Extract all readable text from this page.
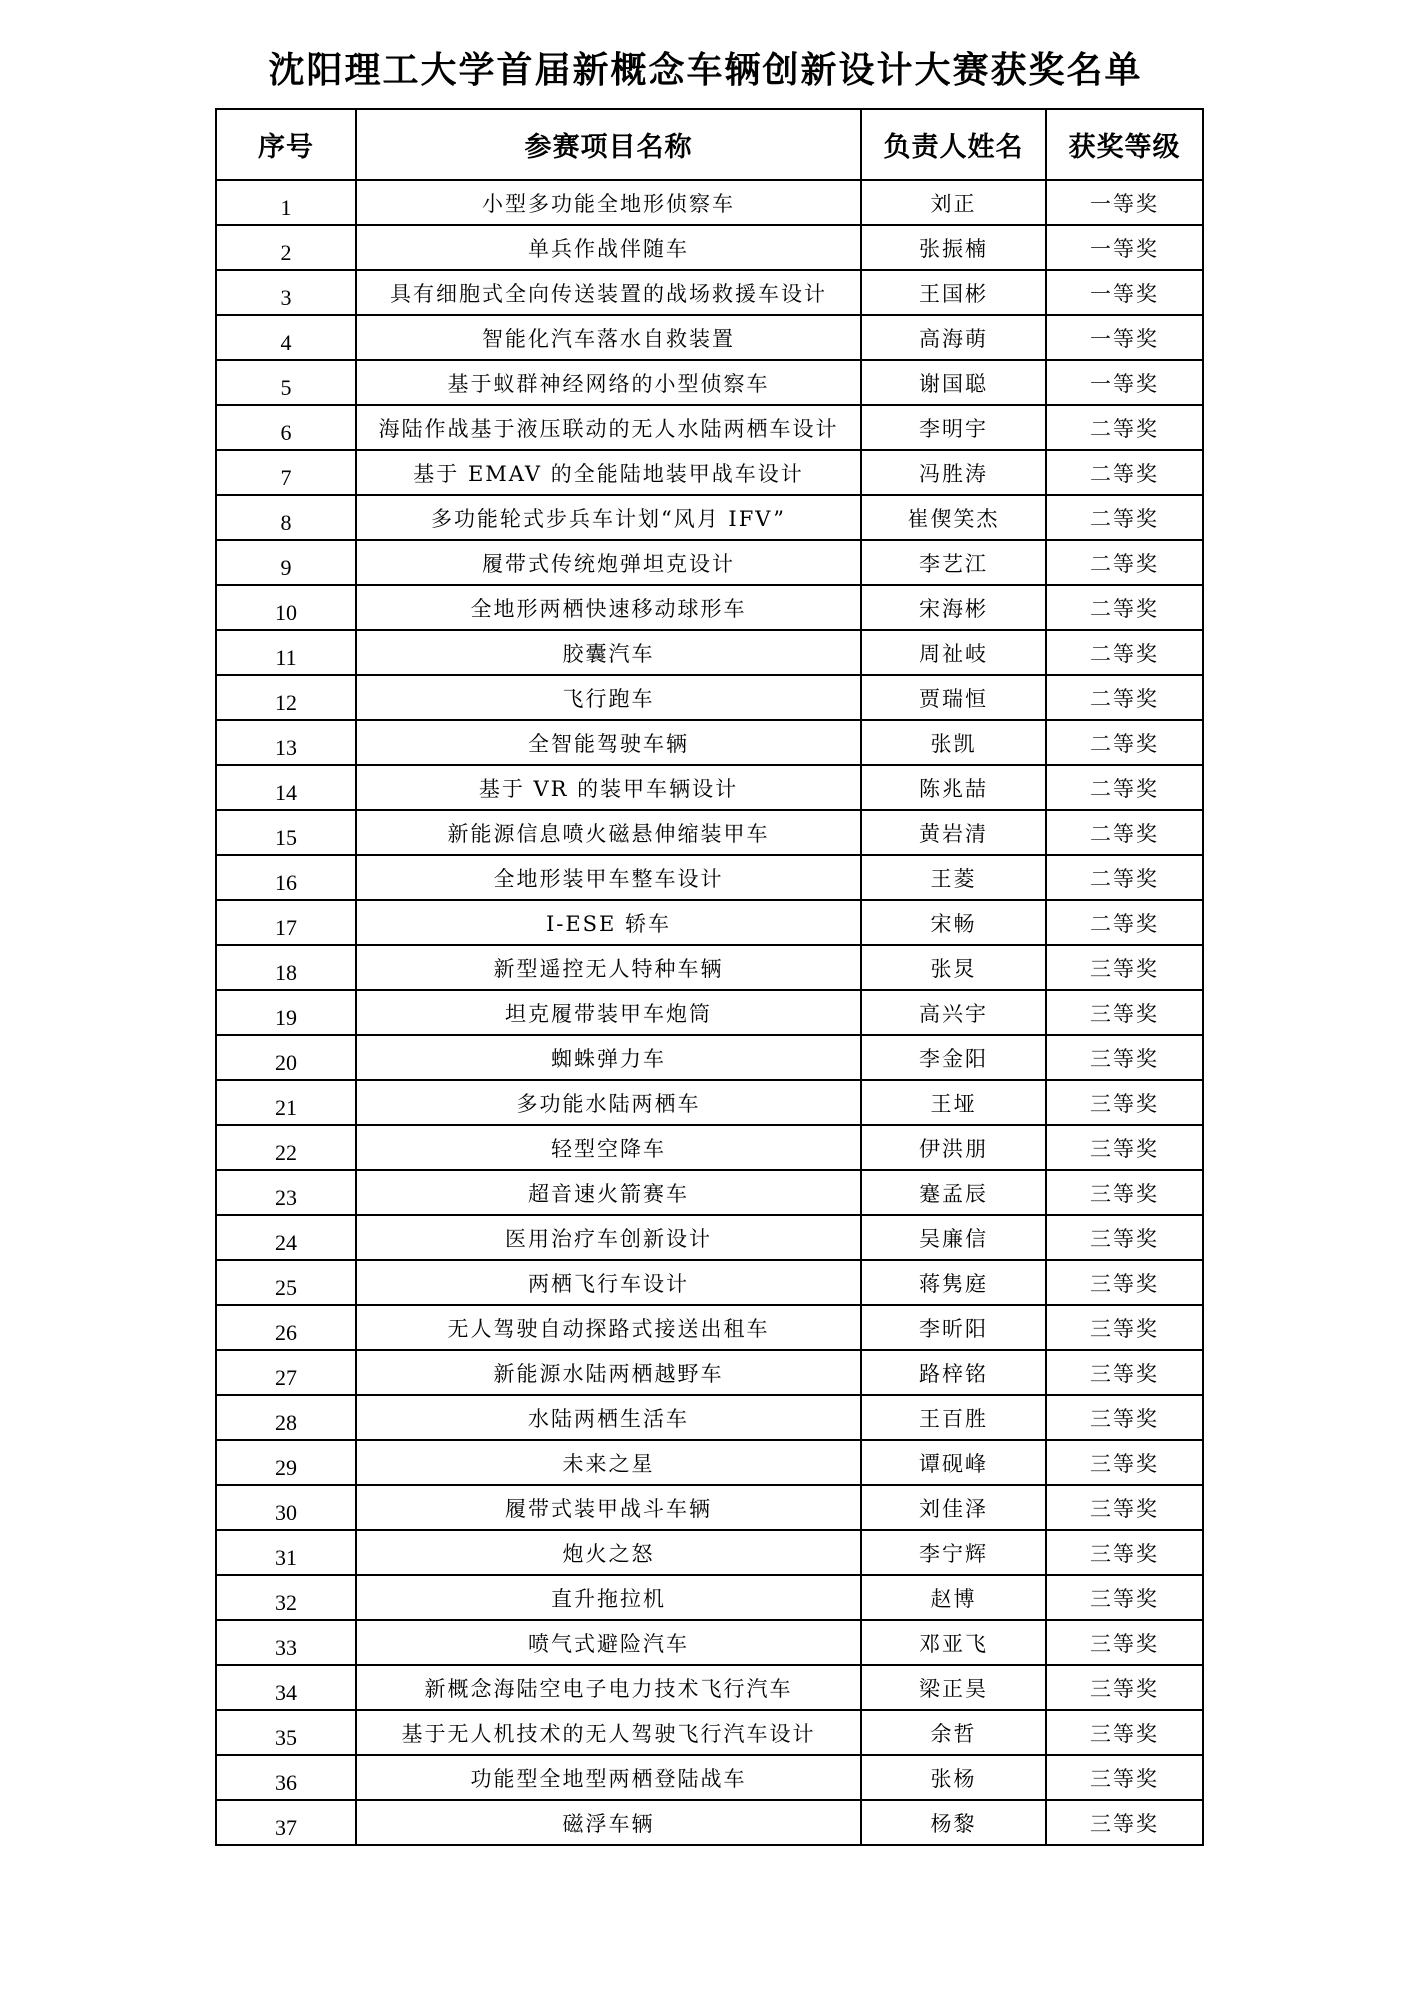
沈阳理工大学首届新概念车辆创新设计大赛获奖名单
序号	参赛项目名称	负责人姓名	获奖等级
1	小型多功能全地形侦察车	刘正	一等奖
2	单兵作战伴随车	张振楠	一等奖
3	具有细胞式全向传送装置的战场救援车设计	王国彬	一等奖
4	智能化汽车落水自救装置	高海萌	一等奖
5	基于蚁群神经网络的小型侦察车	谢国聪	一等奖
6	海陆作战基于液压联动的无人水陆两栖车设计	李明宇	二等奖
7	基于 EMAV 的全能陆地装甲战车设计	冯胜涛	二等奖
8	多功能轮式步兵车计划“风月 IFV”	崔偰笑杰	二等奖
9	履带式传统炮弹坦克设计	李艺江	二等奖
10	全地形两栖快速移动球形车	宋海彬	二等奖
11	胶囊汽车	周祉岐	二等奖
12	飞行跑车	贾瑞恒	二等奖
13	全智能驾驶车辆	张凯	二等奖
14	基于 VR 的装甲车辆设计	陈兆喆	二等奖
15	新能源信息喷火磁悬伸缩装甲车	黄岩清	二等奖
16	全地形装甲车整车设计	王菱	二等奖
17	I-ESE 轿车	宋畅	二等奖
18	新型遥控无人特种车辆	张炅	三等奖
19	坦克履带装甲车炮筒	高兴宇	三等奖
20	蜘蛛弹力车	李金阳	三等奖
21	多功能水陆两栖车	王垭	三等奖
22	轻型空降车	伊洪朋	三等奖
23	超音速火箭赛车	蹇孟辰	三等奖
24	医用治疗车创新设计	吴廉信	三等奖
25	两栖飞行车设计	蒋隽庭	三等奖
26	无人驾驶自动探路式接送出租车	李昕阳	三等奖
27	新能源水陆两栖越野车	路梓铭	三等奖
28	水陆两栖生活车	王百胜	三等奖
29	未来之星	谭砚峰	三等奖
30	履带式装甲战斗车辆	刘佳泽	三等奖
31	炮火之怒	李宁辉	三等奖
32	直升拖拉机	赵博	三等奖
33	喷气式避险汽车	邓亚飞	三等奖
34	新概念海陆空电子电力技术飞行汽车	梁正昊	三等奖
35	基于无人机技术的无人驾驶飞行汽车设计	余哲	三等奖
36	功能型全地型两栖登陆战车	张杨	三等奖
37	磁浮车辆	杨黎	三等奖
